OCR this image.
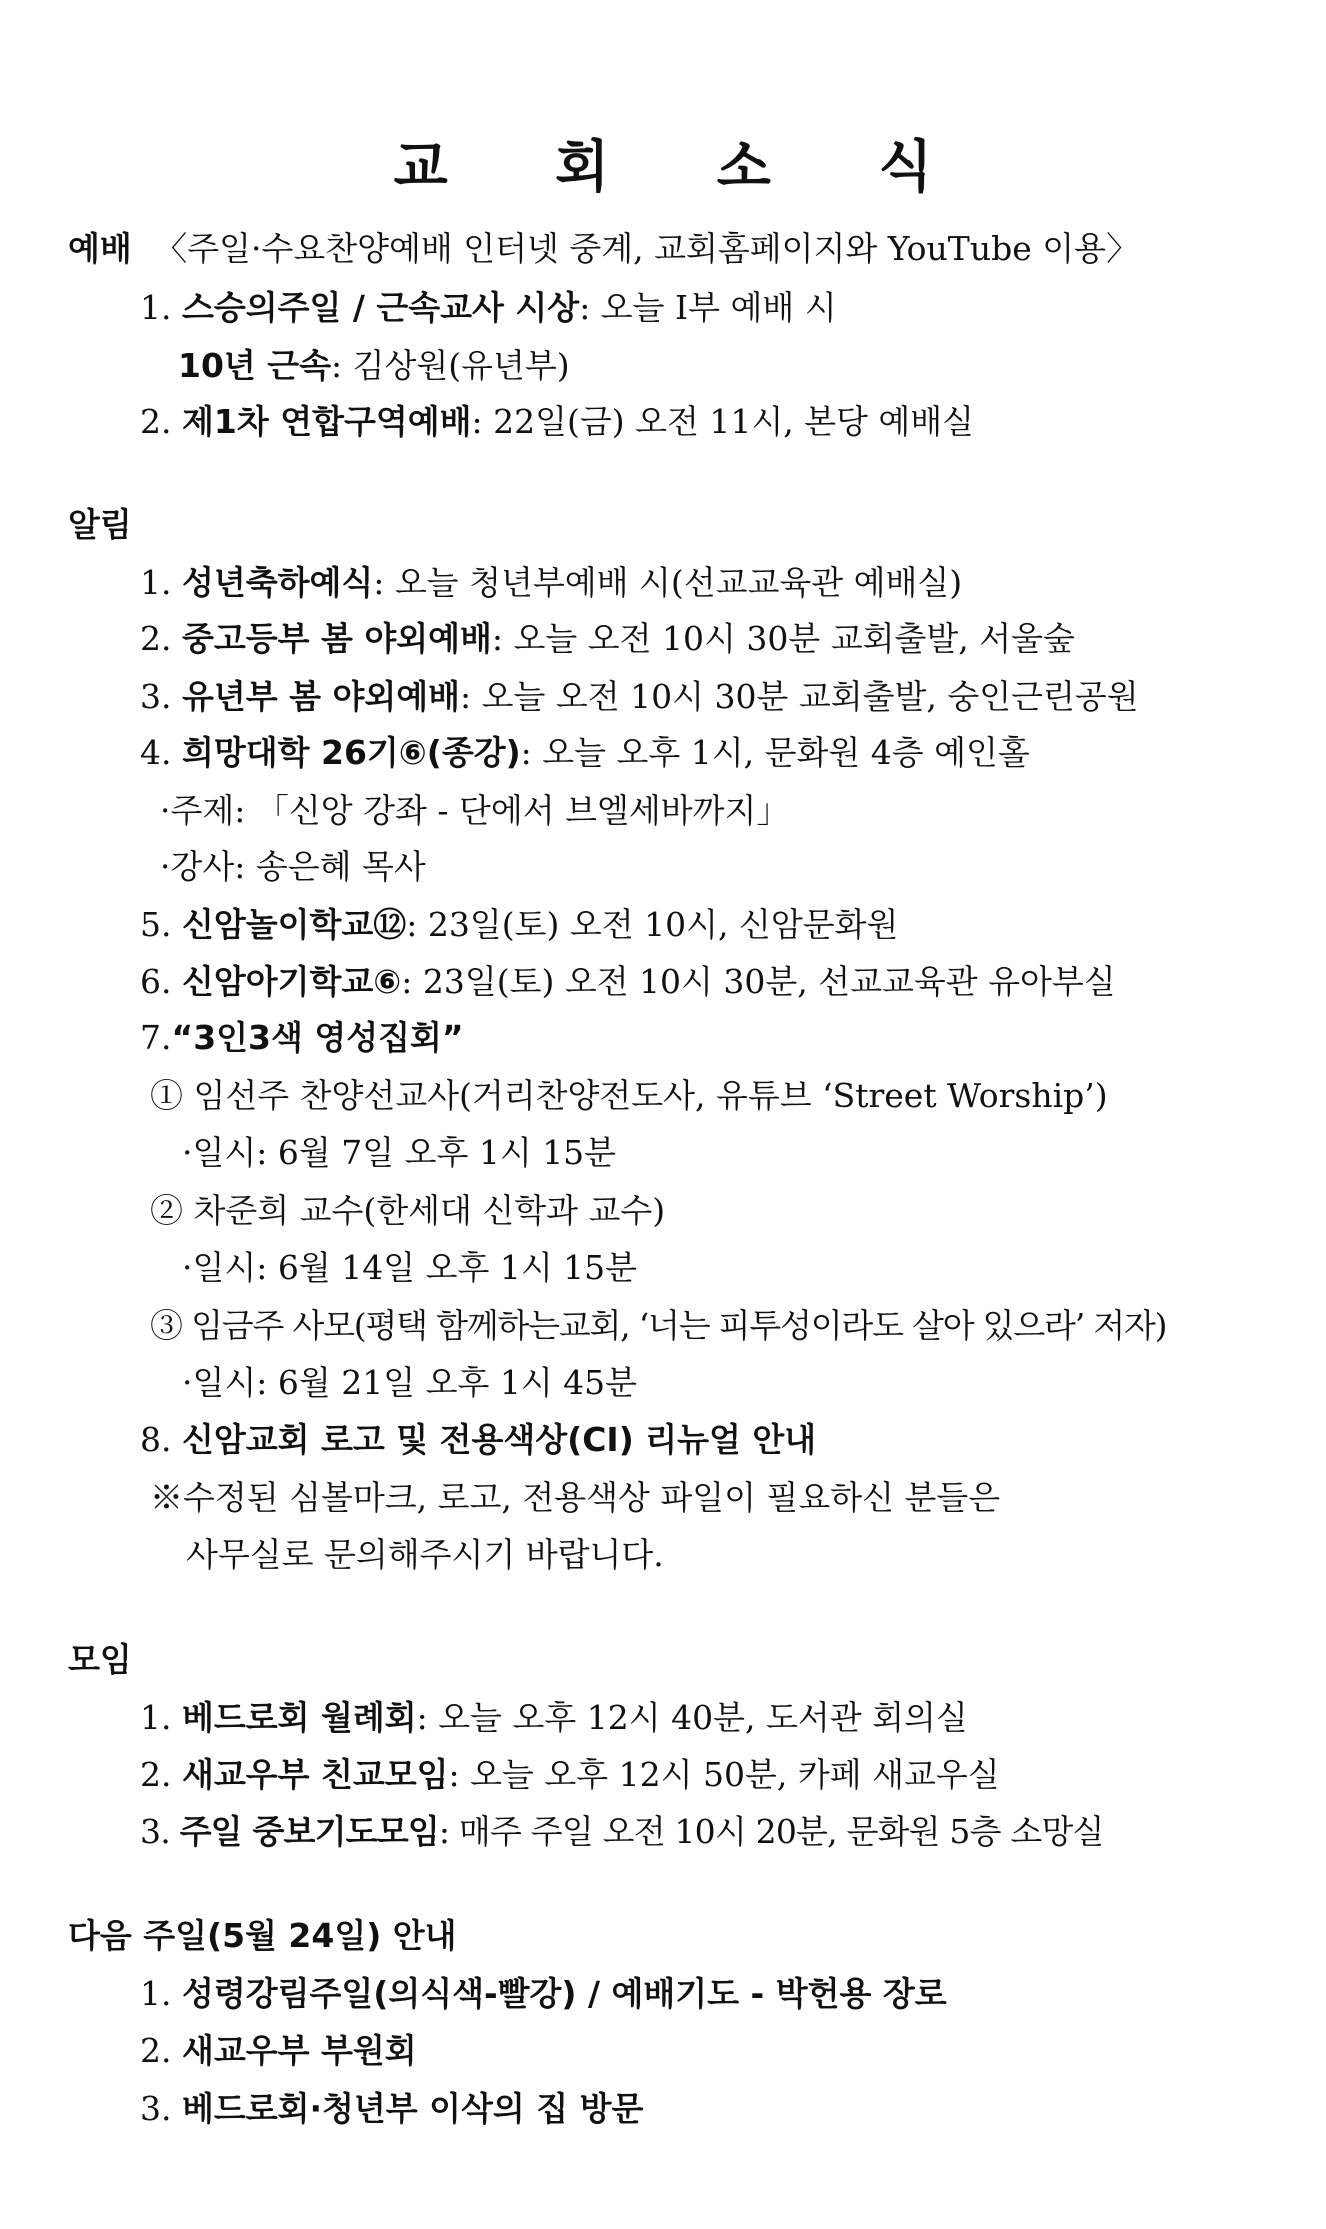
교 회 소 식
예배 〈주일·수요찬양예배 인터넷 중계, 교회홈페이지와 YouTube 이용〉
1. 스승의주일 / 근속교사 시상: 오늘 Ⅰ부 예배 시
10년 근속: 김상원(유년부)
2. 제1차 연합구역예배: 22일(금) 오전 11시, 본당 예배실
알림
1. 성년축하예식: 오늘 청년부예배 시(선교교육관 예배실)
2. 중고등부 봄 야외예배: 오늘 오전 10시 30분 교회출발, 서울숲
3. 유년부 봄 야외예배: 오늘 오전 10시 30분 교회출발, 숭인근린공원
4. 희망대학 26기⑥(종강): 오늘 오후 1시, 문화원 4층 예인홀
·주제: 「신앙 강좌 - 단에서 브엘세바까지」
·강사: 송은혜 목사
5. 신암놀이학교⑫: 23일(토) 오전 10시, 신암문화원
6. 신암아기학교⑥: 23일(토) 오전 10시 30분, 선교교육관 유아부실
7.“3인3색 영성집회”
① 임선주 찬양선교사(거리찬양전도사, 유튜브 ‘Street Worship’)
·일시: 6월 7일 오후 1시 15분
② 차준희 교수(한세대 신학과 교수)
·일시: 6월 14일 오후 1시 15분
③ 임금주 사모(평택 함께하는교회, ‘너는 피투성이라도 살아 있으라’ 저자)
·일시: 6월 21일 오후 1시 45분
8. 신암교회 로고 및 전용색상(CI) 리뉴얼 안내
※수정된 심볼마크, 로고, 전용색상 파일이 필요하신 분들은
사무실로 문의해주시기 바랍니다.
모임
1. 베드로회 월례회: 오늘 오후 12시 40분, 도서관 회의실
2. 새교우부 친교모임: 오늘 오후 12시 50분, 카페 새교우실
3. 주일 중보기도모임: 매주 주일 오전 10시 20분, 문화원 5층 소망실
다음 주일(5월 24일) 안내
1. 성령강림주일(의식색-빨강) / 예배기도 - 박헌용 장로
2. 새교우부 부원회
3. 베드로회·청년부 이삭의 집 방문
